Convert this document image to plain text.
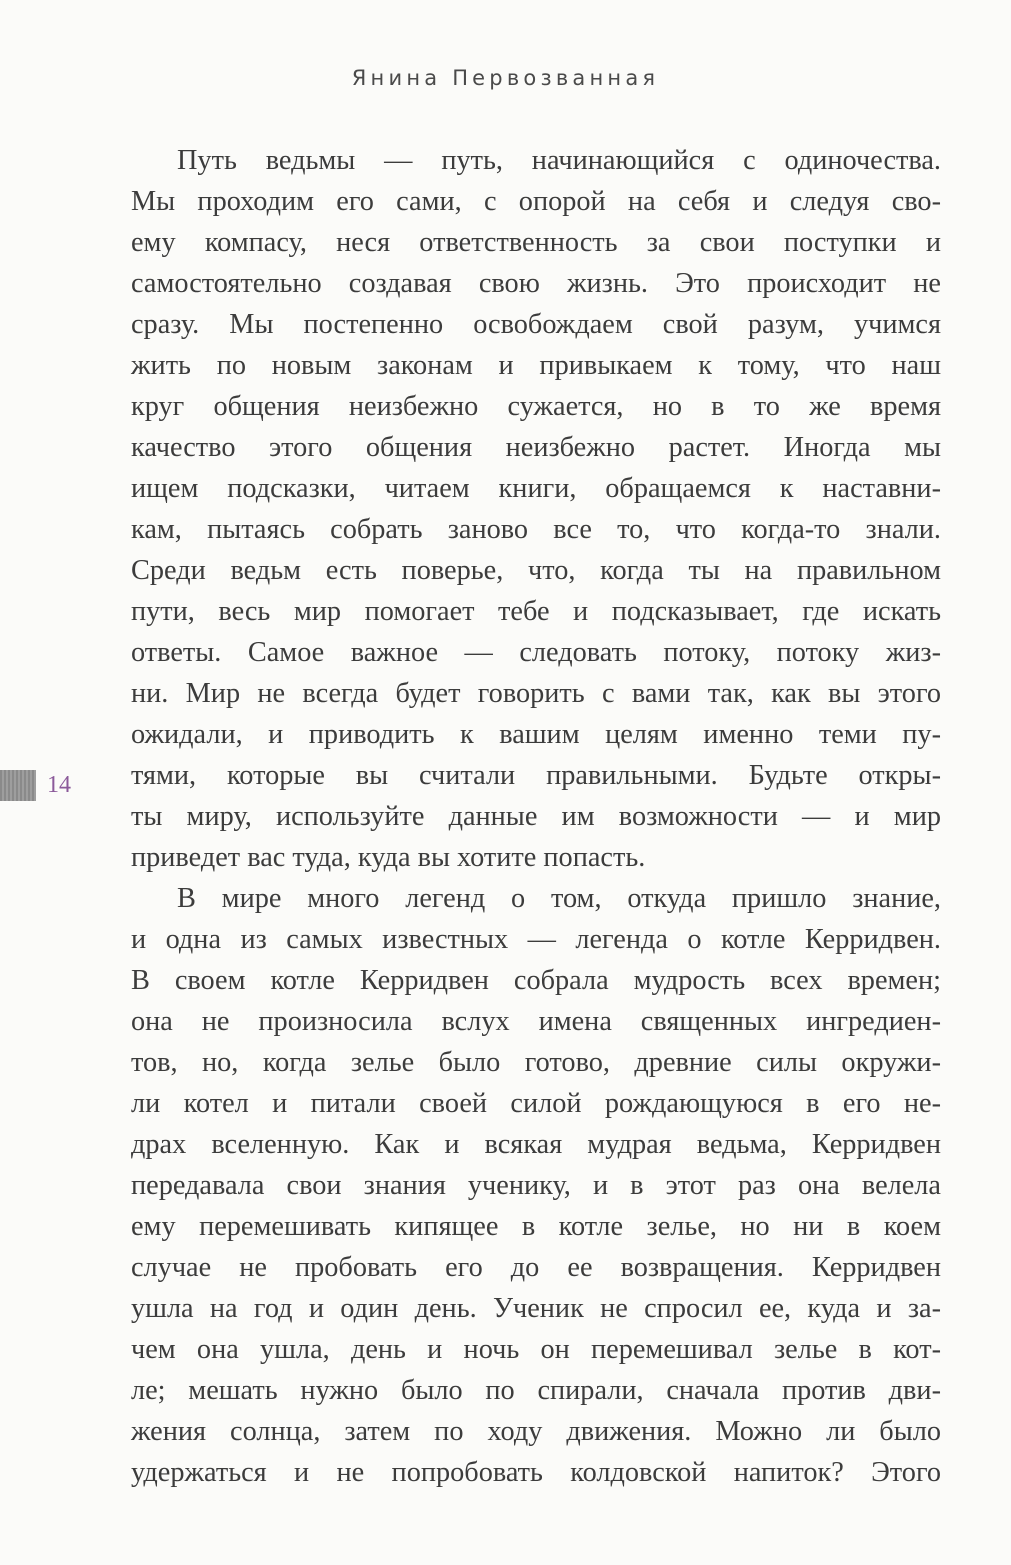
Янина Первозванная
Путь ведьмы — путь, начинающийся с одиночества.
Мы проходим его сами, с опорой на себя и следуя сво-
ему компасу, неся ответственность за свои поступки и
самостоятельно создавая свою жизнь. Это происходит не
сразу. Мы постепенно освобождаем свой разум, учимся
жить по новым законам и привыкаем к тому, что наш
круг общения неизбежно сужается, но в то же время
качество этого общения неизбежно растет. Иногда мы
ищем подсказки, читаем книги, обращаемся к наставни-
кам, пытаясь собрать заново все то, что когда-то знали.
Среди ведьм есть поверье, что, когда ты на правильном
пути, весь мир помогает тебе и подсказывает, где искать
ответы. Самое важное — следовать потоку, потоку жиз-
ни. Мир не всегда будет говорить с вами так, как вы этого
ожидали, и приводить к вашим целям именно теми пу-
тями, которые вы считали правильными. Будьте откры-
ты миру, используйте данные им возможности — и мир
приведет вас туда, куда вы хотите попасть.
В мире много легенд о том, откуда пришло знание,
и одна из самых известных — легенда о котле Керридвен.
В своем котле Керридвен собрала мудрость всех времен;
она не произносила вслух имена священных ингредиен-
тов, но, когда зелье было готово, древние силы окружи-
ли котел и питали своей силой рождающуюся в его не-
драх вселенную. Как и всякая мудрая ведьма, Керридвен
передавала свои знания ученику, и в этот раз она велела
ему перемешивать кипящее в котле зелье, но ни в коем
случае не пробовать его до ее возвращения. Керридвен
ушла на год и один день. Ученик не спросил ее, куда и за-
чем она ушла, день и ночь он перемешивал зелье в кот-
ле; мешать нужно было по спирали, сначала против дви-
жения солнца, затем по ходу движения. Можно ли было
удержаться и не попробовать колдовской напиток? Этого
14
